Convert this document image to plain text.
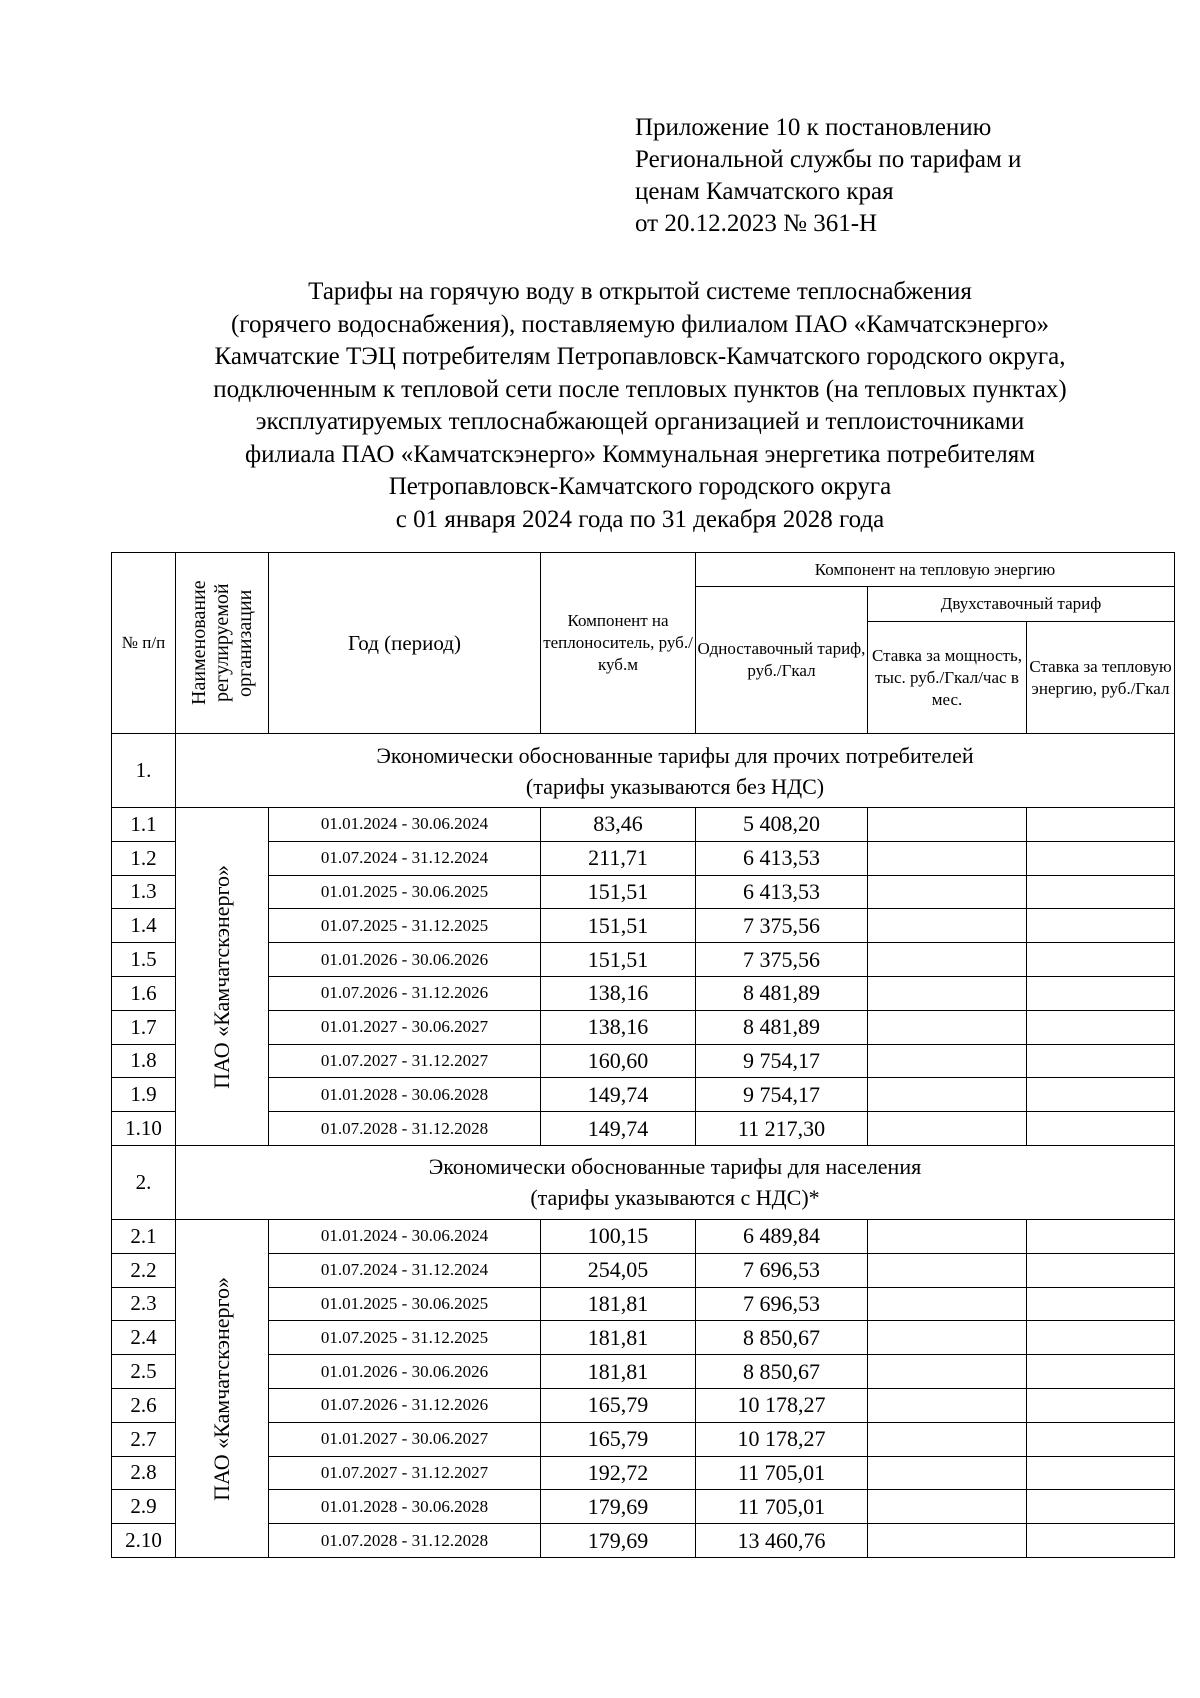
Приложение 10 к постановлению
Региональной службы по тарифам и
ценам Камчатского края
от 20.12.2023 № 361-Н
Тарифы на горячую воду в открытой системе теплоснабжения
(горячего водоснабжения), поставляемую филиалом ПАО «Камчатскэнерго»
Камчатские ТЭЦ потребителям Петропавловск-Камчатского городского округа,
подключенным к тепловой сети после тепловых пунктов (на тепловых пунктах)
эксплуатируемых теплоснабжающей организацией и теплоисточниками
филиала ПАО «Камчатскэнерго» Коммунальная энергетика потребителям
Петропавловск-Камчатского городского округа
с 01 января 2024 года по 31 декабря 2028 года
№ п/п	Наименование регулируемой организации	Год (период)	Компонент на теплоноситель, руб./куб.м	Компонент на тепловую энергию		
				Одноставочный тариф, руб./Гкал	Двухставочный тариф	
					Ставка за мощность, тыс. руб./Гкал/час в мес.	Ставка за тепловую энергию, руб./Гкал
1.	Экономически обоснованные тарифы для прочих потребителей
(тарифы указываются без НДС)					

1.1	ПАО «Камчатскэнерго»	01.01.2024 - 30.06.2024	83,46	5 408,20		
1.2		01.07.2024 - 31.12.2024	211,71	6 413,53		
1.3		01.01.2025 - 30.06.2025	151,51	6 413,53		
1.4		01.07.2025 - 31.12.2025	151,51	7 375,56		
1.5		01.01.2026 - 30.06.2026	151,51	7 375,56		
1.6		01.07.2026 - 31.12.2026	138,16	8 481,89		
1.7		01.01.2027 - 30.06.2027	138,16	8 481,89		
1.8		01.07.2027 - 31.12.2027	160,60	9 754,17		
1.9		01.01.2028 - 30.06.2028	149,74	9 754,17		
1.10		01.07.2028 - 31.12.2028	149,74	11 217,30		
2.	Экономически обоснованные тарифы для населения
(тарифы указываются с НДС)*					

2.1	ПАО «Камчатскэнерго»	01.01.2024 - 30.06.2024	100,15	6 489,84		
2.2		01.07.2024 - 31.12.2024	254,05	7 696,53		
2.3		01.01.2025 - 30.06.2025	181,81	7 696,53		
2.4		01.07.2025 - 31.12.2025	181,81	8 850,67		
2.5		01.01.2026 - 30.06.2026	181,81	8 850,67		
2.6		01.07.2026 - 31.12.2026	165,79	10 178,27		
2.7		01.01.2027 - 30.06.2027	165,79	10 178,27		
2.8		01.07.2027 - 31.12.2027	192,72	11 705,01		
2.9		01.01.2028 - 30.06.2028	179,69	11 705,01		
2.10		01.07.2028 - 31.12.2028	179,69	13 460,76		
